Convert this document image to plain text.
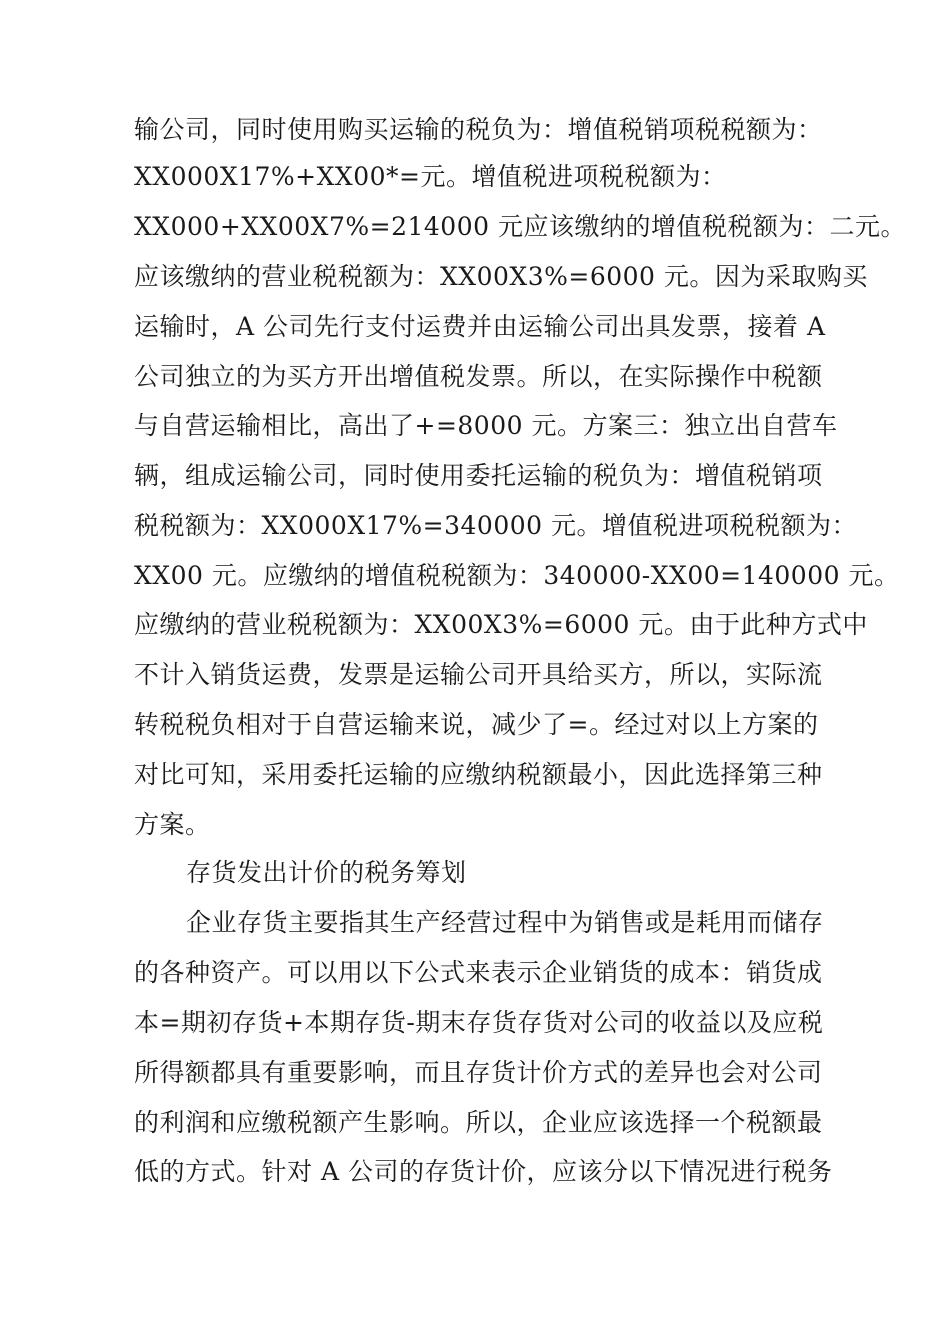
输公司，同时使用购买运输的税负为：增值税销项税税额为：
XX000X17%+XX00*=元。增值税进项税税额为：
XX000+XX00X7%=214000 元应该缴纳的增值税税额为：二元。
应该缴纳的营业税税额为：XX00X3%=6000 元。因为采取购买
运输时，A 公司先行支付运费并由运输公司出具发票，接着 A
公司独立的为买方开出增值税发票。所以，在实际操作中税额
与自营运输相比，高出了+=8000 元。方案三：独立出自营车
辆，组成运输公司，同时使用委托运输的税负为：增值税销项
税税额为：XX000X17%=340000 元。增值税进项税税额为：
XX00 元。应缴纳的增值税税额为：340000-XX00=140000 元。
应缴纳的营业税税额为：XX00X3%=6000 元。由于此种方式中
不计入销货运费，发票是运输公司开具给买方，所以，实际流
转税税负相对于自营运输来说，减少了=。经过对以上方案的
对比可知，采用委托运输的应缴纳税额最小，因此选择第三种
方案。
存货发出计价的税务筹划
企业存货主要指其生产经营过程中为销售或是耗用而储存
的各种资产。可以用以下公式来表示企业销货的成本：销货成
本=期初存货+本期存货-期末存货存货对公司的收益以及应税
所得额都具有重要影响，而且存货计价方式的差异也会对公司
的利润和应缴税额产生影响。所以，企业应该选择一个税额最
低的方式。针对 A 公司的存货计价，应该分以下情况进行税务
